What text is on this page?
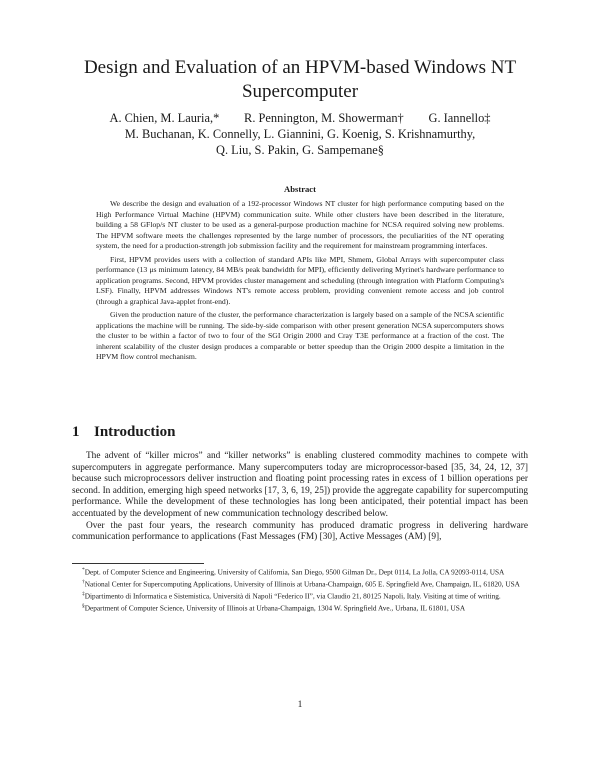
Design and Evaluation of an HPVM-based Windows NT
Supercomputer
A. Chien, M. Lauria,*        R. Pennington, M. Showerman†        G. Iannello‡
M. Buchanan, K. Connelly, L. Giannini, G. Koenig, S. Krishnamurthy,
Q. Liu, S. Pakin, G. Sampemane§
Abstract

We describe the design and evaluation of a 192-processor Windows NT cluster for high performance computing based on the High Performance Virtual Machine (HPVM) communication suite. While other clusters have been described in the literature, building a 58 GFlop/s NT cluster to be used as a general-purpose production machine for NCSA required solving new problems. The HPVM software meets the challenges represented by the large number of processors, the peculiarities of the NT operating system, the need for a production-strength job submission facility and the requirement for mainstream programming interfaces.

First, HPVM provides users with a collection of standard APIs like MPI, Shmem, Global Arrays with supercomputer class performance (13 μs minimum latency, 84 MB/s peak bandwidth for MPI), efficiently delivering Myrinet's hardware performance to application programs. Second, HPVM provides cluster management and scheduling (through integration with Platform Computing's LSF). Finally, HPVM addresses Windows NT's remote access problem, providing convenient remote access and job control (through a graphical Java-applet front-end).

Given the production nature of the cluster, the performance characterization is largely based on a sample of the NCSA scientific applications the machine will be running. The side-by-side comparison with other present generation NCSA supercomputers shows the cluster to be within a factor of two to four of the SGI Origin 2000 and Cray T3E performance at a fraction of the cost. The inherent scalability of the cluster design produces a comparable or better speedup than the Origin 2000 despite a limitation in the HPVM flow control mechanism.

1 Introduction

The advent of “killer micros” and “killer networks” is enabling clustered commodity machines to compete with supercomputers in aggregate performance. Many supercomputers today are microprocessor-based [35, 34, 24, 12, 37] because such microprocessors deliver instruction and floating point processing rates in excess of 1 billion operations per second. In addition, emerging high speed networks [17, 3, 6, 19, 25]) provide the aggregate capability for supercomputing performance. While the development of these technologies has long been anticipated, their potential impact has been accentuated by the development of new communication technology described below.

Over the past four years, the research community has produced dramatic progress in delivering hardware communication performance to applications (Fast Messages (FM) [30], Active Messages (AM) [9],

*Dept. of Computer Science and Engineering, University of California, San Diego, 9500 Gilman Dr., Dept 0114, La Jolla, CA 92093-0114, USA

†National Center for Supercomputing Applications, University of Illinois at Urbana-Champaign, 605 E. Springfield Ave, Champaign, IL, 61820, USA

‡Dipartimento di Informatica e Sistemistica, Università di Napoli “Federico II”, via Claudio 21, 80125 Napoli, Italy. Visiting at time of writing.

§Department of Computer Science, University of Illinois at Urbana-Champaign, 1304 W. Springfield Ave., Urbana, IL 61801, USA

1
